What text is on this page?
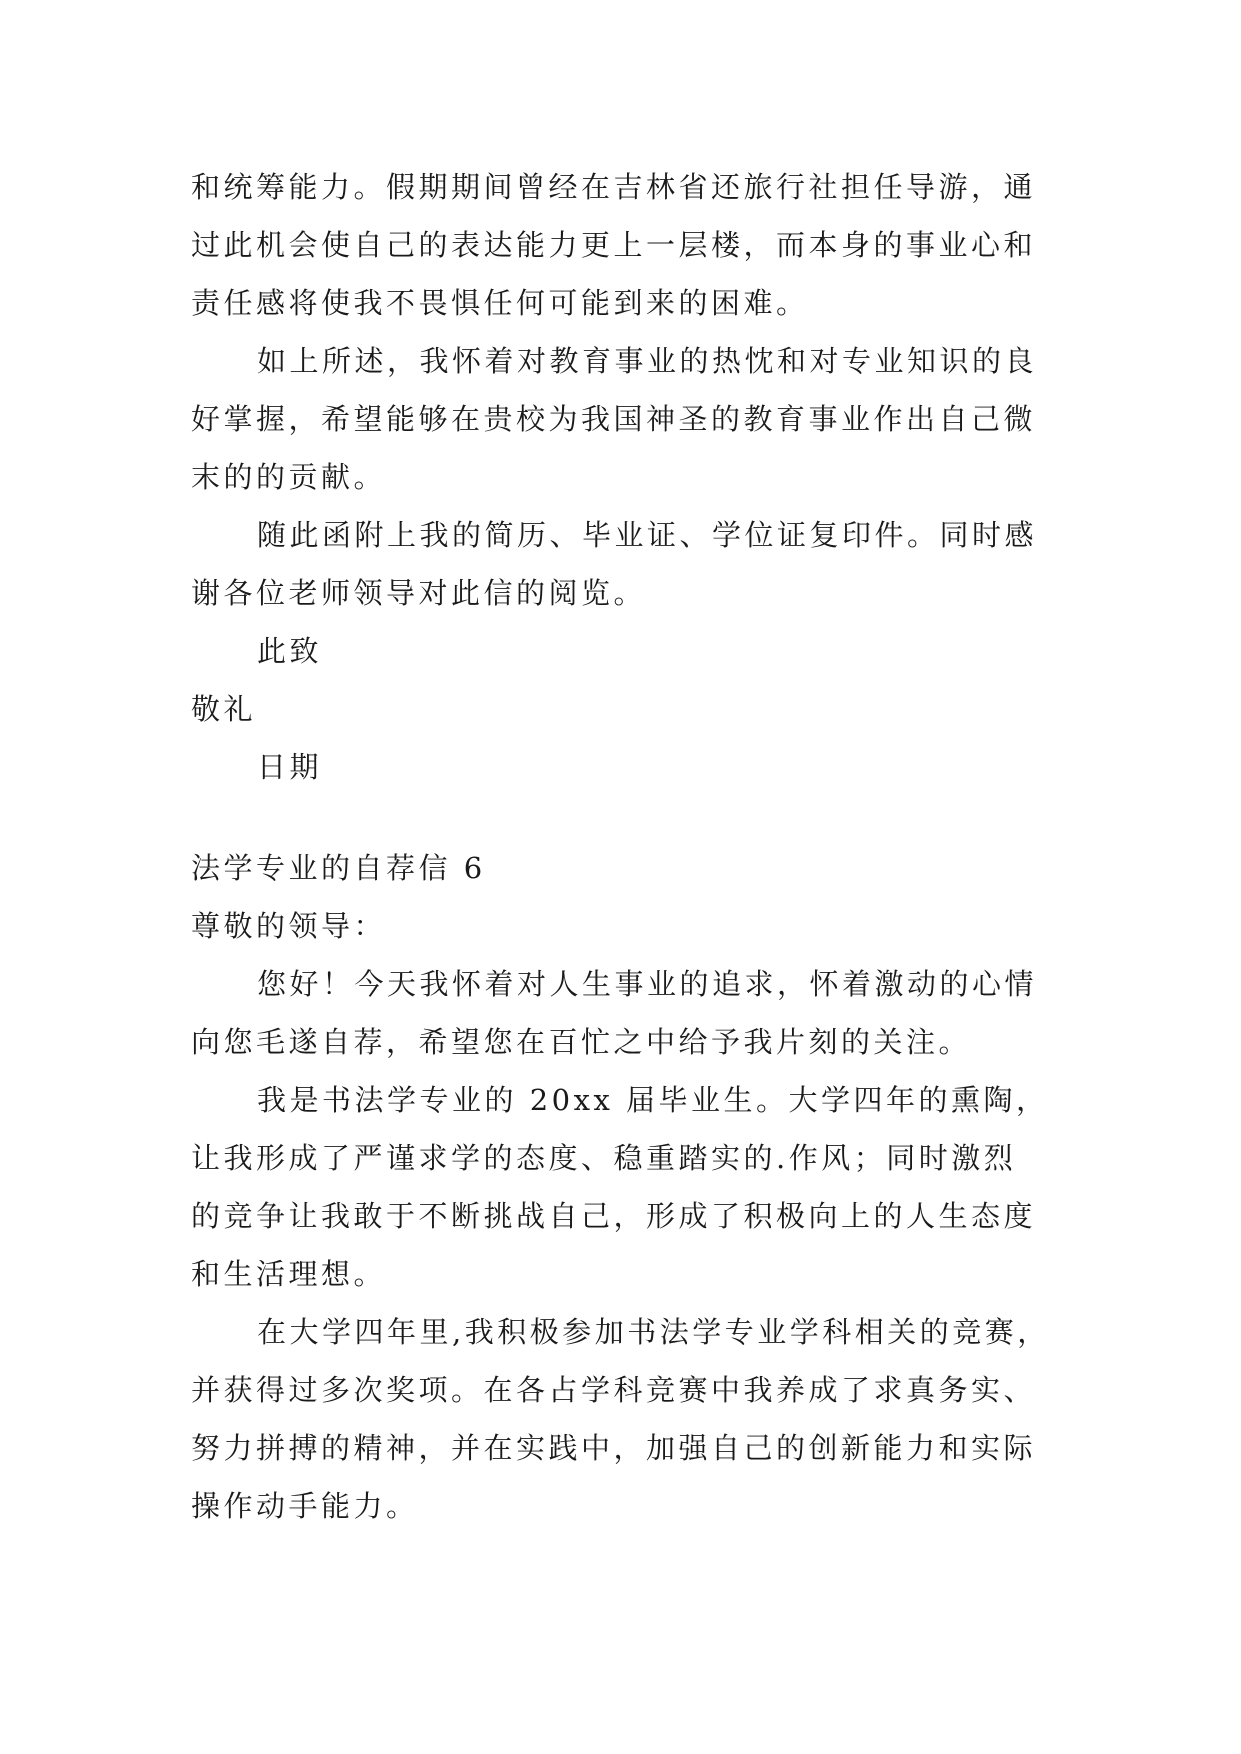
和统筹能力。假期期间曾经在吉林省还旅行社担任导游，通
过此机会使自己的表达能力更上一层楼，而本身的事业心和
责任感将使我不畏惧任何可能到来的困难。
如上所述，我怀着对教育事业的热忱和对专业知识的良
好掌握，希望能够在贵校为我国神圣的教育事业作出自己微
末的的贡献。
随此函附上我的简历、毕业证、学位证复印件。同时感
谢各位老师领导对此信的阅览。
此致
敬礼
日期
法学专业的自荐信 6
尊敬的领导：
您好！今天我怀着对人生事业的追求，怀着激动的心情
向您毛遂自荐，希望您在百忙之中给予我片刻的关注。
我是书法学专业的 20xx 届毕业生。大学四年的熏陶，
让我形成了严谨求学的态度、稳重踏实的.作风；同时激烈
的竞争让我敢于不断挑战自己，形成了积极向上的人生态度
和生活理想。
在大学四年里,我积极参加书法学专业学科相关的竞赛，
并获得过多次奖项。在各占学科竞赛中我养成了求真务实、
努力拼搏的精神，并在实践中，加强自己的创新能力和实际
操作动手能力。
